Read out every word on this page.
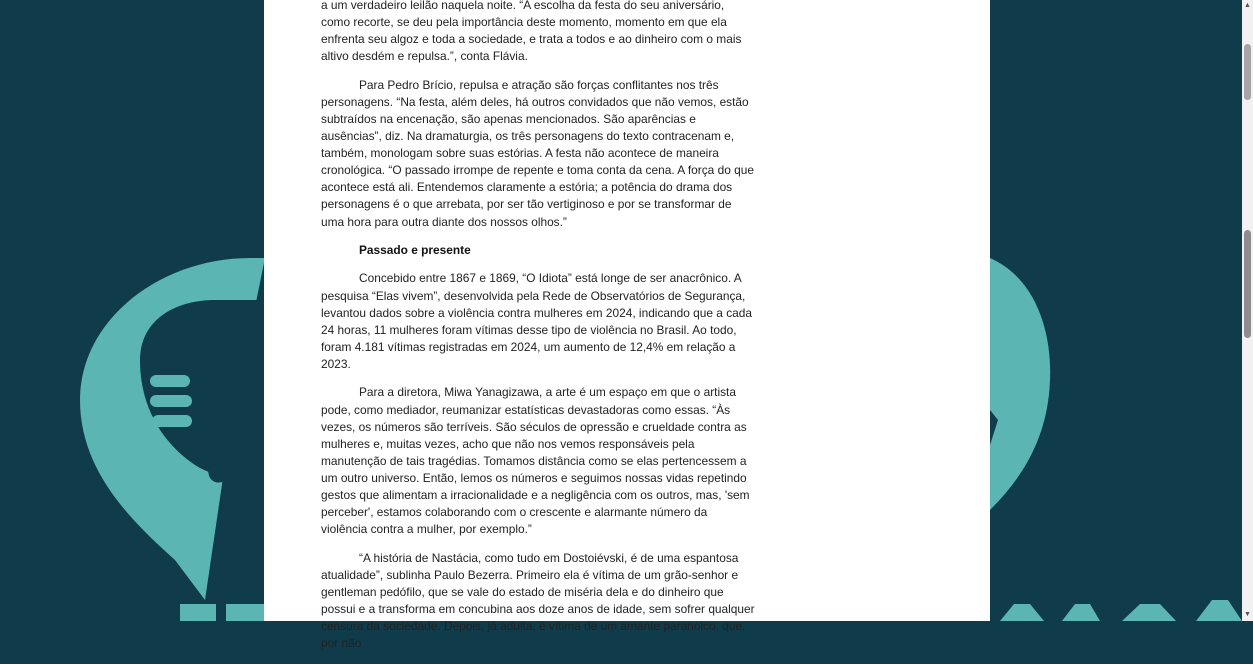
a um verdadeiro leilão naquela noite. “A escolha da festa do seu aniversário, como recorte, se deu pela importância deste momento, momento em que ela enfrenta seu algoz e toda a sociedade, e trata a todos e ao dinheiro com o mais altivo desdém e repulsa.”, conta Flávia.

Para Pedro Brício, repulsa e atração são forças conflitantes nos três personagens. “Na festa, além deles, há outros convidados que não vemos, estão subtraídos na encenação, são apenas mencionados. São aparências e ausências”, diz. Na dramaturgia, os três personagens do texto contracenam e, também, monologam sobre suas estórias. A festa não acontece de maneira cronológica. “O passado irrompe de repente e toma conta da cena. A força do que acontece está ali. Entendemos claramente a estória; a potência do drama dos personagens é o que arrebata, por ser tão vertiginoso e por se transformar de uma hora para outra diante dos nossos olhos.”

Passado e presente

Concebido entre 1867 e 1869, “O Idiota” está longe de ser anacrônico. A pesquisa “Elas vivem”, desenvolvida pela Rede de Observatórios de Segurança, levantou dados sobre a violência contra mulheres em 2024, indicando que a cada 24 horas, 11 mulheres foram vítimas desse tipo de violência no Brasil. Ao todo, foram 4.181 vítimas registradas em 2024, um aumento de 12,4% em relação a 2023.

Para a diretora, Miwa Yanagizawa, a arte é um espaço em que o artista pode, como mediador, reumanizar estatísticas devastadoras como essas. “Às vezes, os números são terríveis. São séculos de opressão e crueldade contra as mulheres e, muitas vezes, acho que não nos vemos responsáveis pela manutenção de tais tragédias. Tomamos distância como se elas pertencessem a um outro universo. Então, lemos os números e seguimos nossas vidas repetindo gestos que alimentam a irracionalidade e a negligência com os outros, mas, 'sem perceber', estamos colaborando com o crescente e alarmante número da violência contra a mulher, por exemplo.”

“A história de Nastácia, como tudo em Dostoiévski, é de uma espantosa atualidade”, sublinha Paulo Bezerra. Primeiro ela é vítima de um grão-senhor e gentleman pedófilo, que se vale do estado de miséria dela e do dinheiro que possui e a transforma em concubina aos doze anos de idade, sem sofrer qualquer censura da sociedade. Depois, já adulta, é vítima de um amante paranoico, que, por não

▲
▼
